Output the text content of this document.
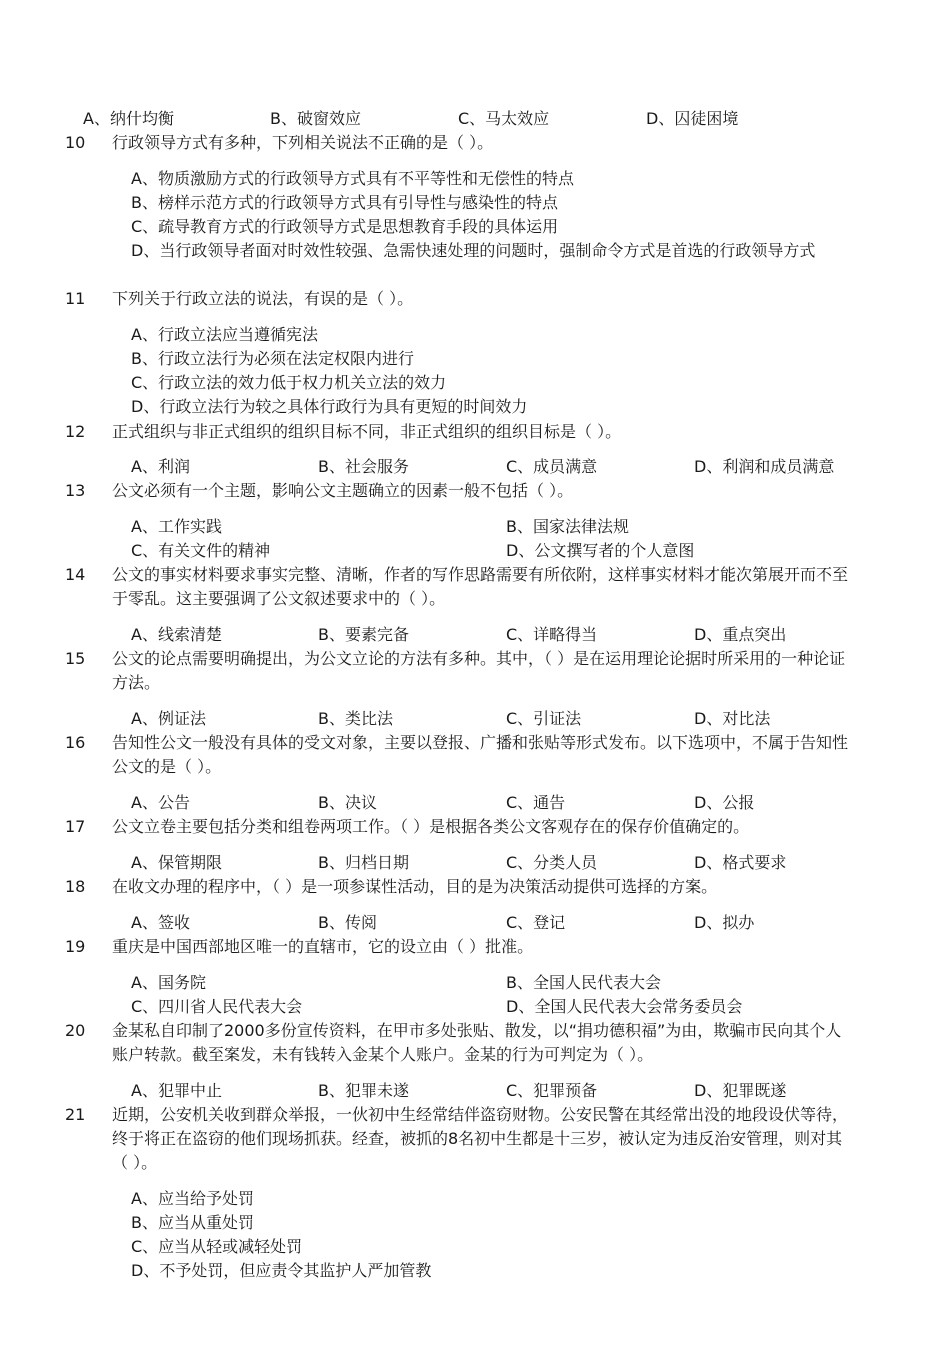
A、纳什均衡	B、破窗效应	C、马太效应	D、囚徒困境
10 行政领导方式有多种，下列相关说法不正确的是（ ）。
A、物质激励方式的行政领导方式具有不平等性和无偿性的特点
B、榜样示范方式的行政领导方式具有引导性与感染性的特点
C、疏导教育方式的行政领导方式是思想教育手段的具体运用
D、当行政领导者面对时效性较强、急需快速处理的问题时，强制命令方式是首选的行政领导方式
11 下列关于行政立法的说法，有误的是（ ）。
A、行政立法应当遵循宪法
B、行政立法行为必须在法定权限内进行
C、行政立法的效力低于权力机关立法的效力
D、行政立法行为较之具体行政行为具有更短的时间效力
12 正式组织与非正式组织的组织目标不同，非正式组织的组织目标是（ ）。
A、利润	B、社会服务	C、成员满意	D、利润和成员满意
13 公文必须有一个主题，影响公文主题确立的因素一般不包括（ ）。
A、工作实践	B、国家法律法规
C、有关文件的精神	D、公文撰写者的个人意图
14 公文的事实材料要求事实完整、清晰，作者的写作思路需要有所依附，这样事实材料才能次第展开而不至于零乱。这主要强调了公文叙述要求中的（ ）。
A、线索清楚	B、要素完备	C、详略得当	D、重点突出
15 公文的论点需要明确提出，为公文立论的方法有多种。其中，（ ）是在运用理论论据时所采用的一种论证方法。
A、例证法	B、类比法	C、引证法	D、对比法
16 告知性公文一般没有具体的受文对象，主要以登报、广播和张贴等形式发布。以下选项中，不属于告知性公文的是（ ）。
A、公告	B、决议	C、通告	D、公报
17 公文立卷主要包括分类和组卷两项工作。（ ）是根据各类公文客观存在的保存价值确定的。
A、保管期限	B、归档日期	C、分类人员	D、格式要求
18 在收文办理的程序中，（ ）是一项参谋性活动，目的是为决策活动提供可选择的方案。
A、签收	B、传阅	C、登记	D、拟办
19 重庆是中国西部地区唯一的直辖市，它的设立由（ ）批准。
A、国务院	B、全国人民代表大会
C、四川省人民代表大会	D、全国人民代表大会常务委员会
20 金某私自印制了2000多份宣传资料，在甲市多处张贴、散发，以“捐功德积福”为由，欺骗市民向其个人账户转款。截至案发，未有钱转入金某个人账户。金某的行为可判定为（ ）。
A、犯罪中止	B、犯罪未遂	C、犯罪预备	D、犯罪既遂
21 近期，公安机关收到群众举报，一伙初中生经常结伴盗窃财物。公安民警在其经常出没的地段设伏等待，终于将正在盗窃的他们现场抓获。经查，被抓的8名初中生都是十三岁，被认定为违反治安管理，则对其（ ）。
A、应当给予处罚
B、应当从重处罚
C、应当从轻或减轻处罚
D、不予处罚，但应责令其监护人严加管教
